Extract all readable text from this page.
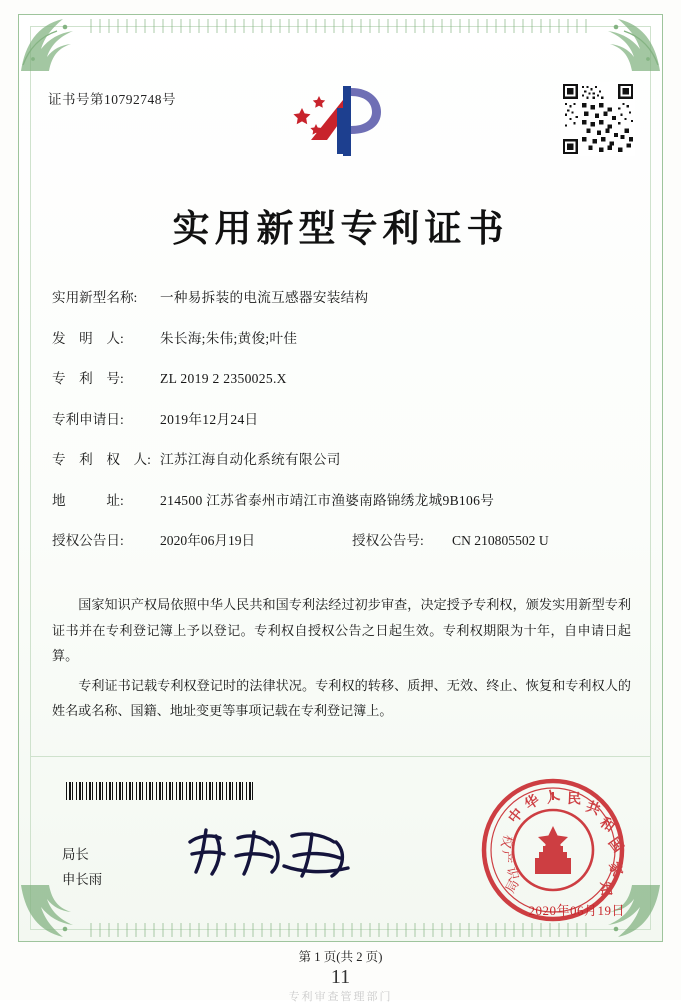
证书号第10792748号
实用新型专利证书
实用新型名称:	一种易拆装的电流互感器安装结构
发　明　人:	朱长海;朱伟;黄俊;叶佳
专　利　号:	ZL 2019 2 2350025.X
专利申请日:	2019年12月24日
专　利　权　人: 江苏江海自动化系统有限公司
地　　　址:	214500 江苏省泰州市靖江市渔婆南路锦绣龙城9B106号
授权公告日:	2020年06月19日	授权公告号:	CN 210805502 U

国家知识产权局依照中华人民共和国专利法经过初步审查，决定授予专利权，颁发实用新型专利证书并在专利登记簿上予以登记。专利权自授权公告之日起生效。专利权期限为十年，自申请日起算。

专利证书记载专利权登记时的法律状况。专利权的转移、质押、无效、终止、恢复和专利权人的姓名或名称、国籍、地址变更等事项记载在专利登记簿上。

局长
申长雨
中
华 人 民 共
和
国
家
知
识
产
权
局
2020年06月19日
第 1 页(共 2 页)
11
专利审查管理部门
